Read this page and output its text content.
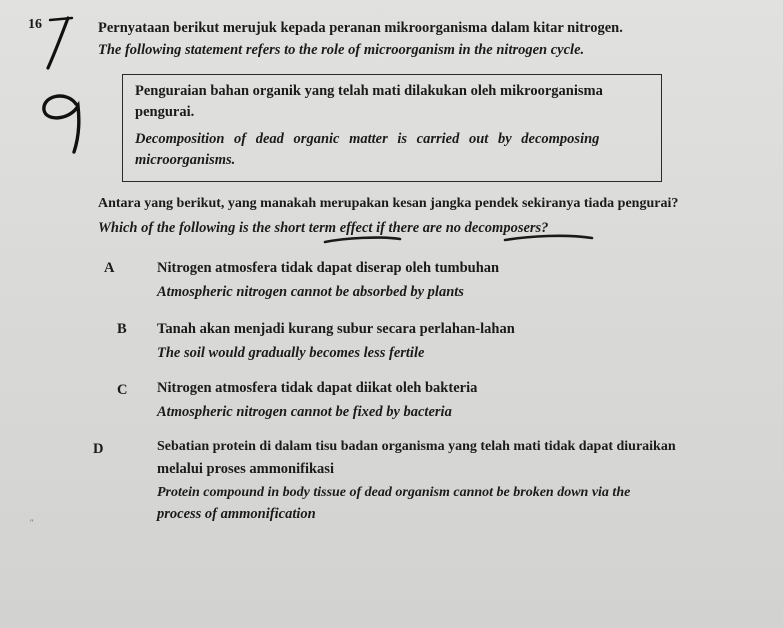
16	Pernyataan berikut merujuk kepada peranan mikroorganisma dalam kitar nitrogen.
The following statement refers to the role of microorganism in the nitrogen cycle.
Penguraian bahan organik yang telah mati dilakukan oleh mikroorganisma
pengurai.
Decomposition of dead organic matter is carried out by decomposing
microorganisms.
Antara yang berikut, yang manakah merupakan kesan jangka pendek sekiranya tiada pengurai?
Which of the following is the short term effect if there are no decomposers?
A	Nitrogen atmosfera tidak dapat diserap oleh tumbuhan
Atmospheric nitrogen cannot be absorbed by plants
B Tanah akan menjadi kurang subur secara perlahan-lahan
The soil would gradually becomes less fertile
C Nitrogen atmosfera tidak dapat diikat oleh bakteria
Atmospheric nitrogen cannot be fixed by bacteria
D	Sebatian protein di dalam tisu badan organisma yang telah mati tidak dapat diuraikan
melalui proses ammonifikasi
Protein compound in body tissue of dead organism cannot be broken down via the
process of ammonification
″
